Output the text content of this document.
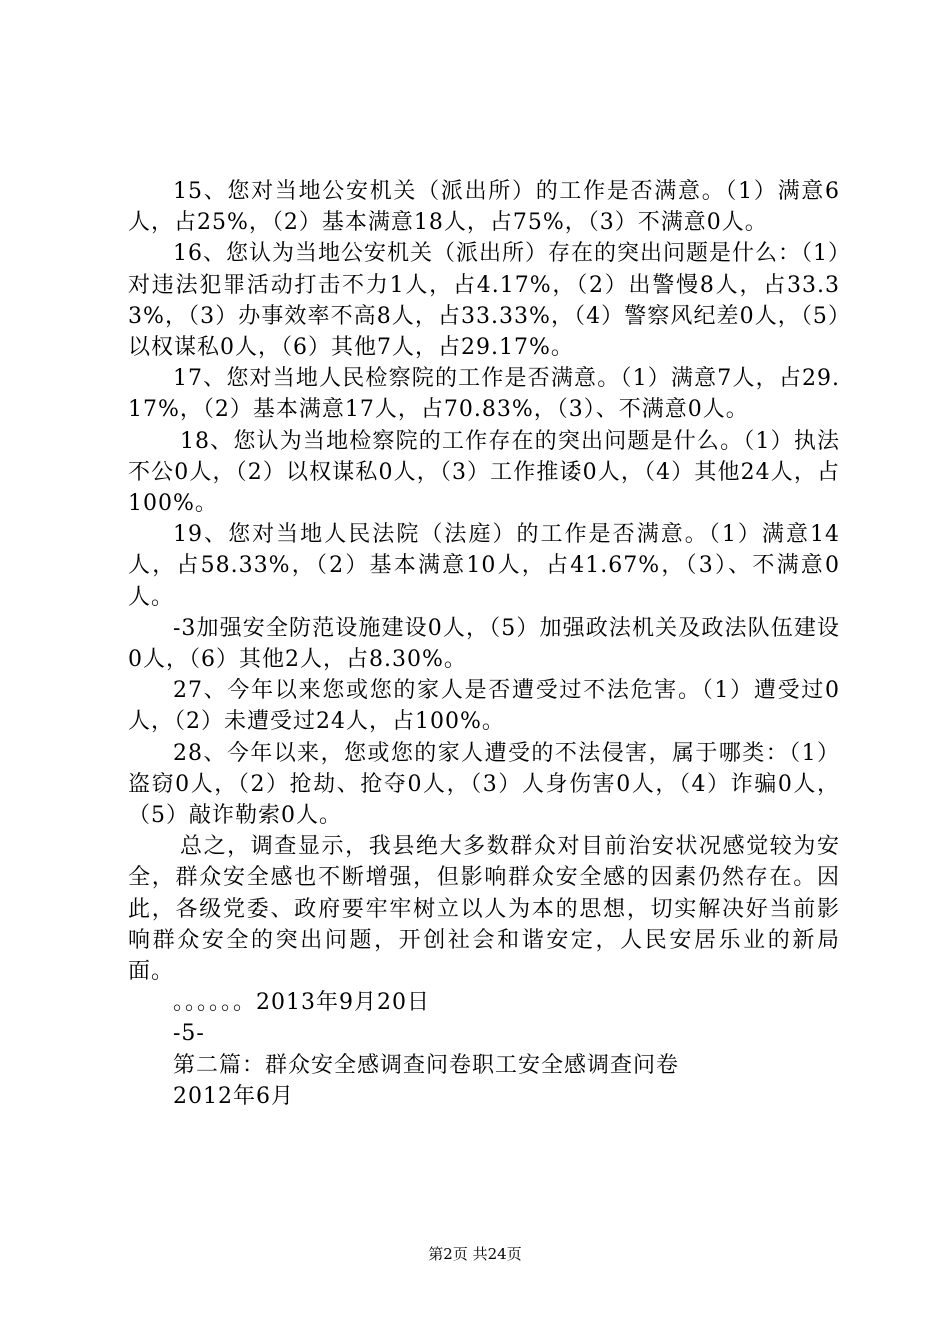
15、您对当地公安机关（派出所）的工作是否满意。（1）满意6人，占25%，（2）基本满意18人，占75%，（3）不满意0人。

16、您认为当地公安机关（派出所）存在的突出问题是什么：（1）对违法犯罪活动打击不力1人，占4.17%，（2）出警慢8人，占33.33%，（3）办事效率不高8人，占33.33%，（4）警察风纪差0人，（5）以权谋私0人，（6）其他7人，占29.17%。

17、您对当地人民检察院的工作是否满意。（1）满意7人，占29.17%，（2）基本满意17人，占70.83%，（3）、不满意0人。

18、您认为当地检察院的工作存在的突出问题是什么。（1）执法不公0人，（2）以权谋私0人，（3）工作推诿0人，（4）其他24人，占100%。

19、您对当地人民法院（法庭）的工作是否满意。（1）满意14人，占58.33%，（2）基本满意10人，占41.67%，（3）、不满意0人。

-3加强安全防范设施建设0人，（5）加强政法机关及政法队伍建设0人，（6）其他2人，占8.30%。

27、今年以来您或您的家人是否遭受过不法危害。（1）遭受过0人，（2）未遭受过24人，占100%。

28、今年以来，您或您的家人遭受的不法侵害，属于哪类：（1）盗窃0人，（2）抢劫、抢夺0人，（3）人身伤害0人，（4）诈骗0人，（5）敲诈勒索0人。

总之，调查显示，我县绝大多数群众对目前治安状况感觉较为安全，群众安全感也不断增强，但影响群众安全感的因素仍然存在。因此，各级党委、政府要牢牢树立以人为本的思想，切实解决好当前影响群众安全的突出问题，开创社会和谐安定，人民安居乐业的新局面。

。。。。。。2013年9月20日

-5-

第二篇：群众安全感调查问卷职工安全感调查问卷

2012年6月

第2页 共24页
